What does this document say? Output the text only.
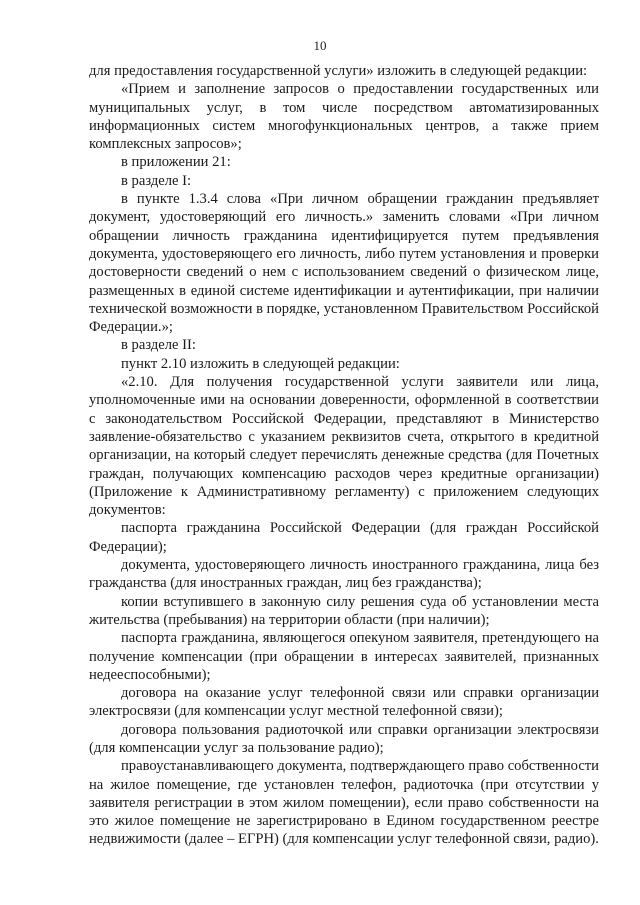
10

для предоставления государственной услуги» изложить в следующей редакции:

«Прием и заполнение запросов о предоставлении государственных или муниципальных услуг, в том числе посредством автоматизированных информационных систем многофункциональных центров, а также прием комплексных запросов»;

в приложении 21:

в разделе I:

в пункте 1.3.4 слова «При личном обращении гражданин предъявляет документ, удостоверяющий его личность.» заменить словами «При личном обращении личность гражданина идентифицируется путем предъявления документа, удостоверяющего его личность, либо путем установления и проверки достоверности сведений о нем с использованием сведений о физическом лице, размещенных в единой системе идентификации и аутентификации, при наличии технической возможности в порядке, установленном Правительством Российской Федерации.»;

в разделе II:

пункт 2.10 изложить в следующей редакции:

«2.10. Для получения государственной услуги заявители или лица, уполномоченные ими на основании доверенности, оформленной в соответствии с законодательством Российской Федерации, представляют в Министерство заявление-обязательство с указанием реквизитов счета, открытого в кредитной организации, на который следует перечислять денежные средства (для Почетных граждан, получающих компенсацию расходов через кредитные организации) (Приложение к Административному регламенту) с приложением следующих документов:

паспорта гражданина Российской Федерации (для граждан Российской Федерации);

документа, удостоверяющего личность иностранного гражданина, лица без гражданства (для иностранных граждан, лиц без гражданства);

копии вступившего в законную силу решения суда об установлении места жительства (пребывания) на территории области (при наличии);

паспорта гражданина, являющегося опекуном заявителя, претендующего на получение компенсации (при обращении в интересах заявителей, признанных недееспособными);

договора на оказание услуг телефонной связи или справки организации электросвязи (для компенсации услуг местной телефонной связи);

договора пользования радиоточкой или справки организации электросвязи (для компенсации услуг за пользование радио);

правоустанавливающего документа, подтверждающего право собственности на жилое помещение, где установлен телефон, радиоточка (при отсутствии у заявителя регистрации в этом жилом помещении), если право собственности на это жилое помещение не зарегистрировано в Едином государственном реестре недвижимости (далее – ЕГРН) (для компенсации услуг телефонной связи, радио).
